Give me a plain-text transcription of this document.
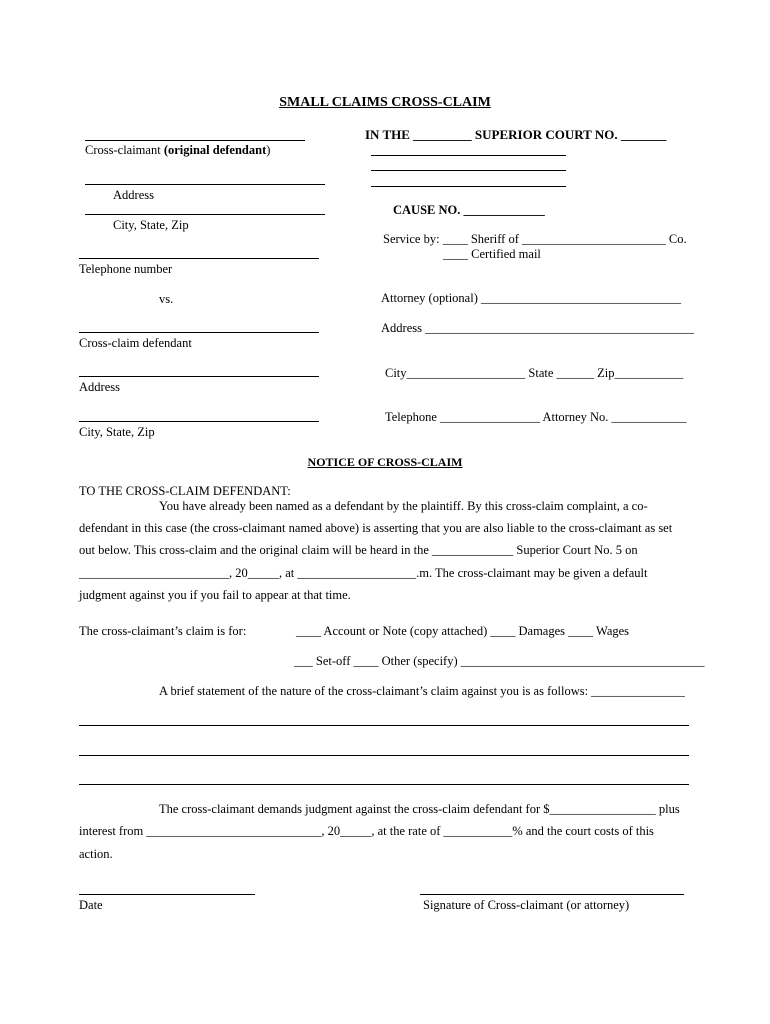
SMALL CLAIMS CROSS-CLAIM
Cross-claimant (original defendant)
Address
City, State, Zip
Telephone number
vs.
Cross-claim defendant
Address
City, State, Zip
IN THE _________ SUPERIOR COURT NO. _______
CAUSE NO. _____________
Service by: ____ Sheriff of _______________________ Co.
____ Certified mail
Attorney (optional) ________________________________
Address ___________________________________________
City___________________ State ______ Zip___________
Telephone ________________ Attorney No. ____________
NOTICE OF CROSS-CLAIM
TO THE CROSS-CLAIM DEFENDANT:
You have already been named as a defendant by the plaintiff. By this cross-claim complaint, a co-
defendant in this case (the cross-claimant named above) is asserting that you are also liable to the cross-claimant as set
out below. This cross-claim and the original claim will be heard in the _____________ Superior Court No. 5 on
________________________, 20_____, at ___________________.m. The cross-claimant may be given a default
judgment against you if you fail to appear at that time.
The cross-claimant’s claim is for:	____ Account or Note (copy attached) ____ Damages ____ Wages
___ Set-off ____ Other (specify) _______________________________________
A brief statement of the nature of the cross-claimant’s claim against you is as follows: _______________
The cross-claimant demands judgment against the cross-claim defendant for $_________________ plus
interest from ____________________________, 20_____, at the rate of ___________% and the court costs of this
action.
Date	Signature of Cross-claimant (or attorney)
